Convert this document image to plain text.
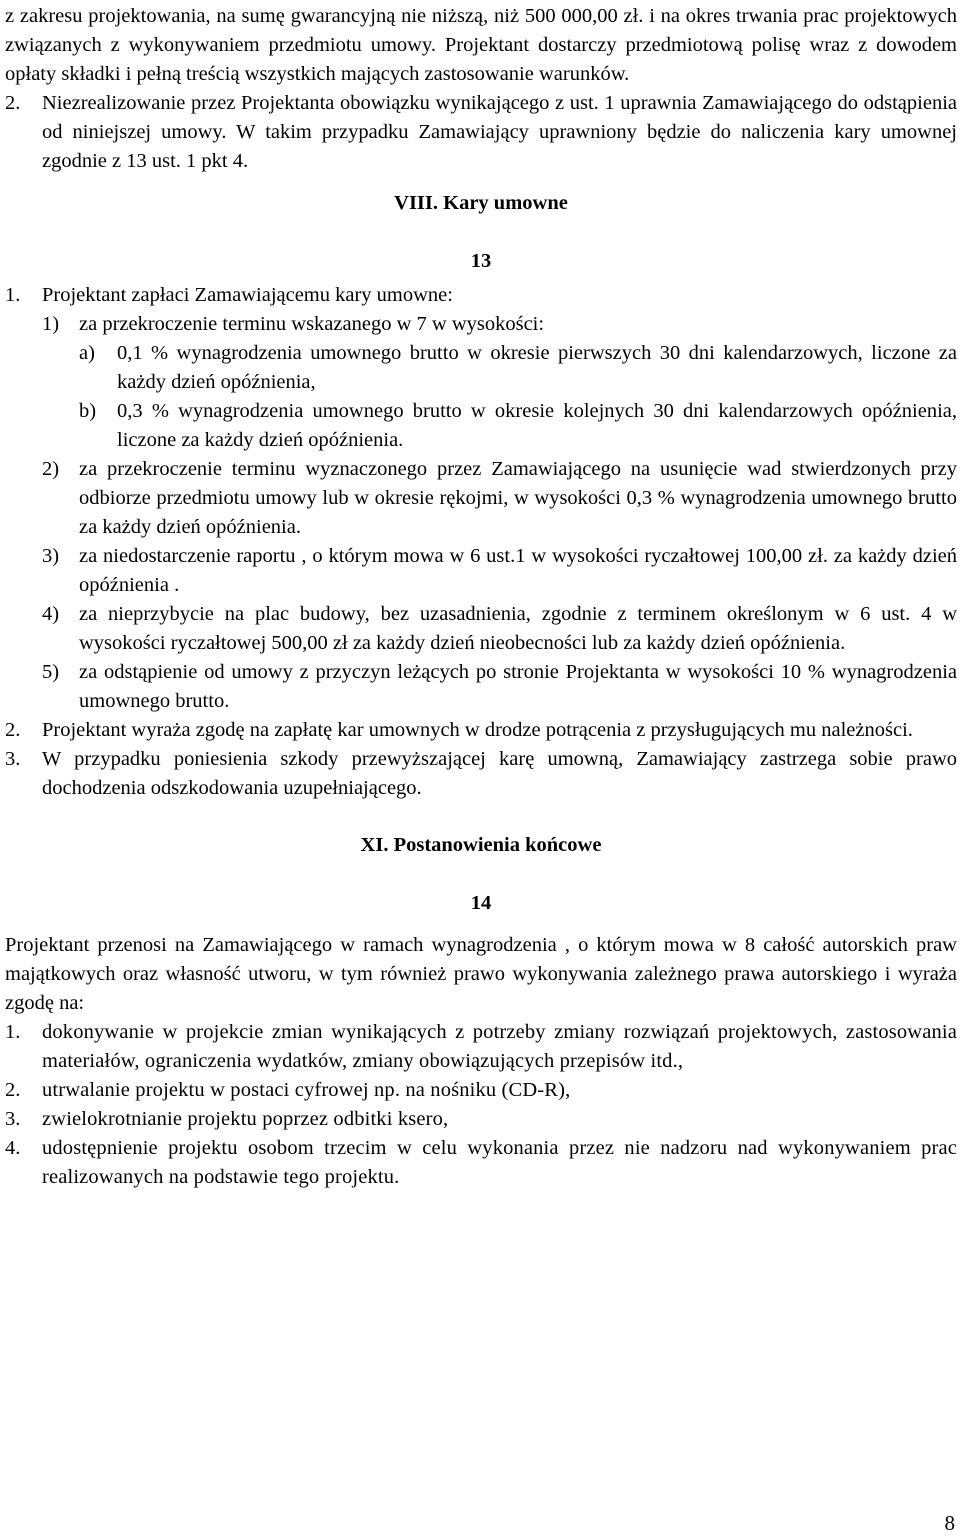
z zakresu projektowania, na sumę gwarancyjną nie niższą, niż 500 000,00 zł. i na okres trwania prac projektowych związanych z wykonywaniem przedmiotu umowy. Projektant dostarczy przedmiotową polisę wraz z dowodem opłaty składki i pełną treścią wszystkich mających zastosowanie warunków.

2.	Niezrealizowanie przez Projektanta obowiązku wynikającego z ust. 1 uprawnia Zamawiającego do odstąpienia od niniejszej umowy. W takim przypadku Zamawiający uprawniony będzie do naliczenia kary umownej zgodnie z 13 ust. 1 pkt 4.

VIII. Kary umowne

13

1.	Projektant zapłaci Zamawiającemu kary umowne:
1) za przekroczenie terminu wskazanego w 7 w wysokości:
a)	0,1 % wynagrodzenia umownego brutto w okresie pierwszych 30 dni kalendarzowych, liczone za każdy dzień opóźnienia,
b)	0,3 % wynagrodzenia umownego brutto w okresie kolejnych 30 dni kalendarzowych opóźnienia, liczone za każdy dzień opóźnienia.
2) za przekroczenie terminu wyznaczonego przez Zamawiającego na usunięcie wad stwierdzonych przy odbiorze przedmiotu umowy lub w okresie rękojmi, w wysokości 0,3 % wynagrodzenia umownego brutto za każdy dzień opóźnienia.
3) za niedostarczenie raportu , o którym mowa w 6 ust.1 w wysokości ryczałtowej 100,00 zł. za każdy dzień opóźnienia .
4) za nieprzybycie na plac budowy, bez uzasadnienia, zgodnie z terminem określonym w 6 ust. 4 w wysokości ryczałtowej 500,00 zł za każdy dzień nieobecności lub za każdy dzień opóźnienia.
5) za odstąpienie od umowy z przyczyn leżących po stronie Projektanta w wysokości 10 % wynagrodzenia umownego brutto.
2.	Projektant wyraża zgodę na zapłatę kar umownych w drodze potrącenia z przysługujących mu należności.
3.	W przypadku poniesienia szkody przewyższającej karę umowną, Zamawiający zastrzega sobie prawo dochodzenia odszkodowania uzupełniającego.

XI. Postanowienia końcowe

14

Projektant przenosi na Zamawiającego w ramach wynagrodzenia , o którym mowa w 8 całość autorskich praw majątkowych oraz własność utworu, w tym również prawo wykonywania zależnego prawa autorskiego i wyraża zgodę na:

1.	dokonywanie w projekcie zmian wynikających z potrzeby zmiany rozwiązań projektowych, zastosowania materiałów, ograniczenia wydatków, zmiany obowiązujących przepisów itd.,
2.	utrwalanie projektu w postaci cyfrowej np. na nośniku (CD-R),
3.	zwielokrotnianie projektu poprzez odbitki ksero,
4.	udostępnienie projektu osobom trzecim w celu wykonania przez nie nadzoru nad wykonywaniem prac realizowanych na podstawie tego projektu.
8
